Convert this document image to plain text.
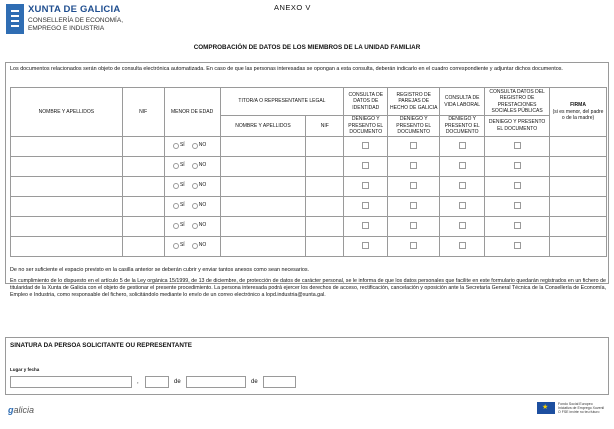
XUNTA DE GALICIA
CONSELLERÍA DE ECONOMÍA,
EMPREGO E INDUSTRIA
ANEXO V
COMPROBACIÓN DE DATOS DE LOS MIEMBROS DE LA UNIDAD FAMILIAR
Los documentos relacionados serán objeto de consulta electrónica automatizada. En caso de que las personas interesadas se opongan a esta consulta, deberán indicarlo en el cuadro correspondiente y adjuntar dichos documentos.
NOMBRE Y APELLIDOS	NIF	MENOR DE EDAD	TITOR/A O REPRESENTANTE LEGAL		CONSULTA DE DATOS DE IDENTIDAD	REGISTRO DE PAREJAS DE HECHO DE GALICIA	CONSULTA DE VIDA LABORAL	CONSULTA DATOS DEL REGISTRO DE PRESTACIONES SOCIALES PÚBLICAS	FIRMA
(si es menor, del padre o de la madre)

			NOMBRE Y APELLIDOS	NIF	DENIEGO Y PRESENTO EL DOCUMENTO	DENIEGO Y PRESENTO EL DOCUMENTO	DENIEGO Y PRESENTO EL DOCUMENTO	DENIEGO Y PRESENTO EL DOCUMENTO	
		SÍ NO							
		SÍ NO							
		SÍ NO							
		SÍ NO							
		SÍ NO							
		SÍ NO							
De no ser suficiente el espacio previsto en la casilla anterior se deberán cubrir y enviar tantos anexos como sean necesarios.
En cumplimiento de lo dispuesto en el artículo 5 de la Ley orgánica 15/1999, de 13 de diciembre, de protección de datos de carácter personal, se le informa de que los datos personales que facilite en este formulario quedarán registrados en un fichero de titularidad de la Xunta de Galicia con el objeto de gestionar el presente procedimiento. La persona interesada podrá ejercer los derechos de acceso, rectificación, cancelación y oposición ante la Secretaría General Técnica de la Consellería de Economía, Empleo e Industria, como responsable del fichero, solicitándolo mediante lo envío de un correo electrónico a lopd.industria@xunta.gal.
SINATURA DA PERSOA SOLICITANTE OU REPRESENTANTE
Lugar y fecha
,	de	de
galicia
★
Fondo Social Europeo
Iniciativa de Emprego Xuvenil
O FSE invirte no teu futuro
